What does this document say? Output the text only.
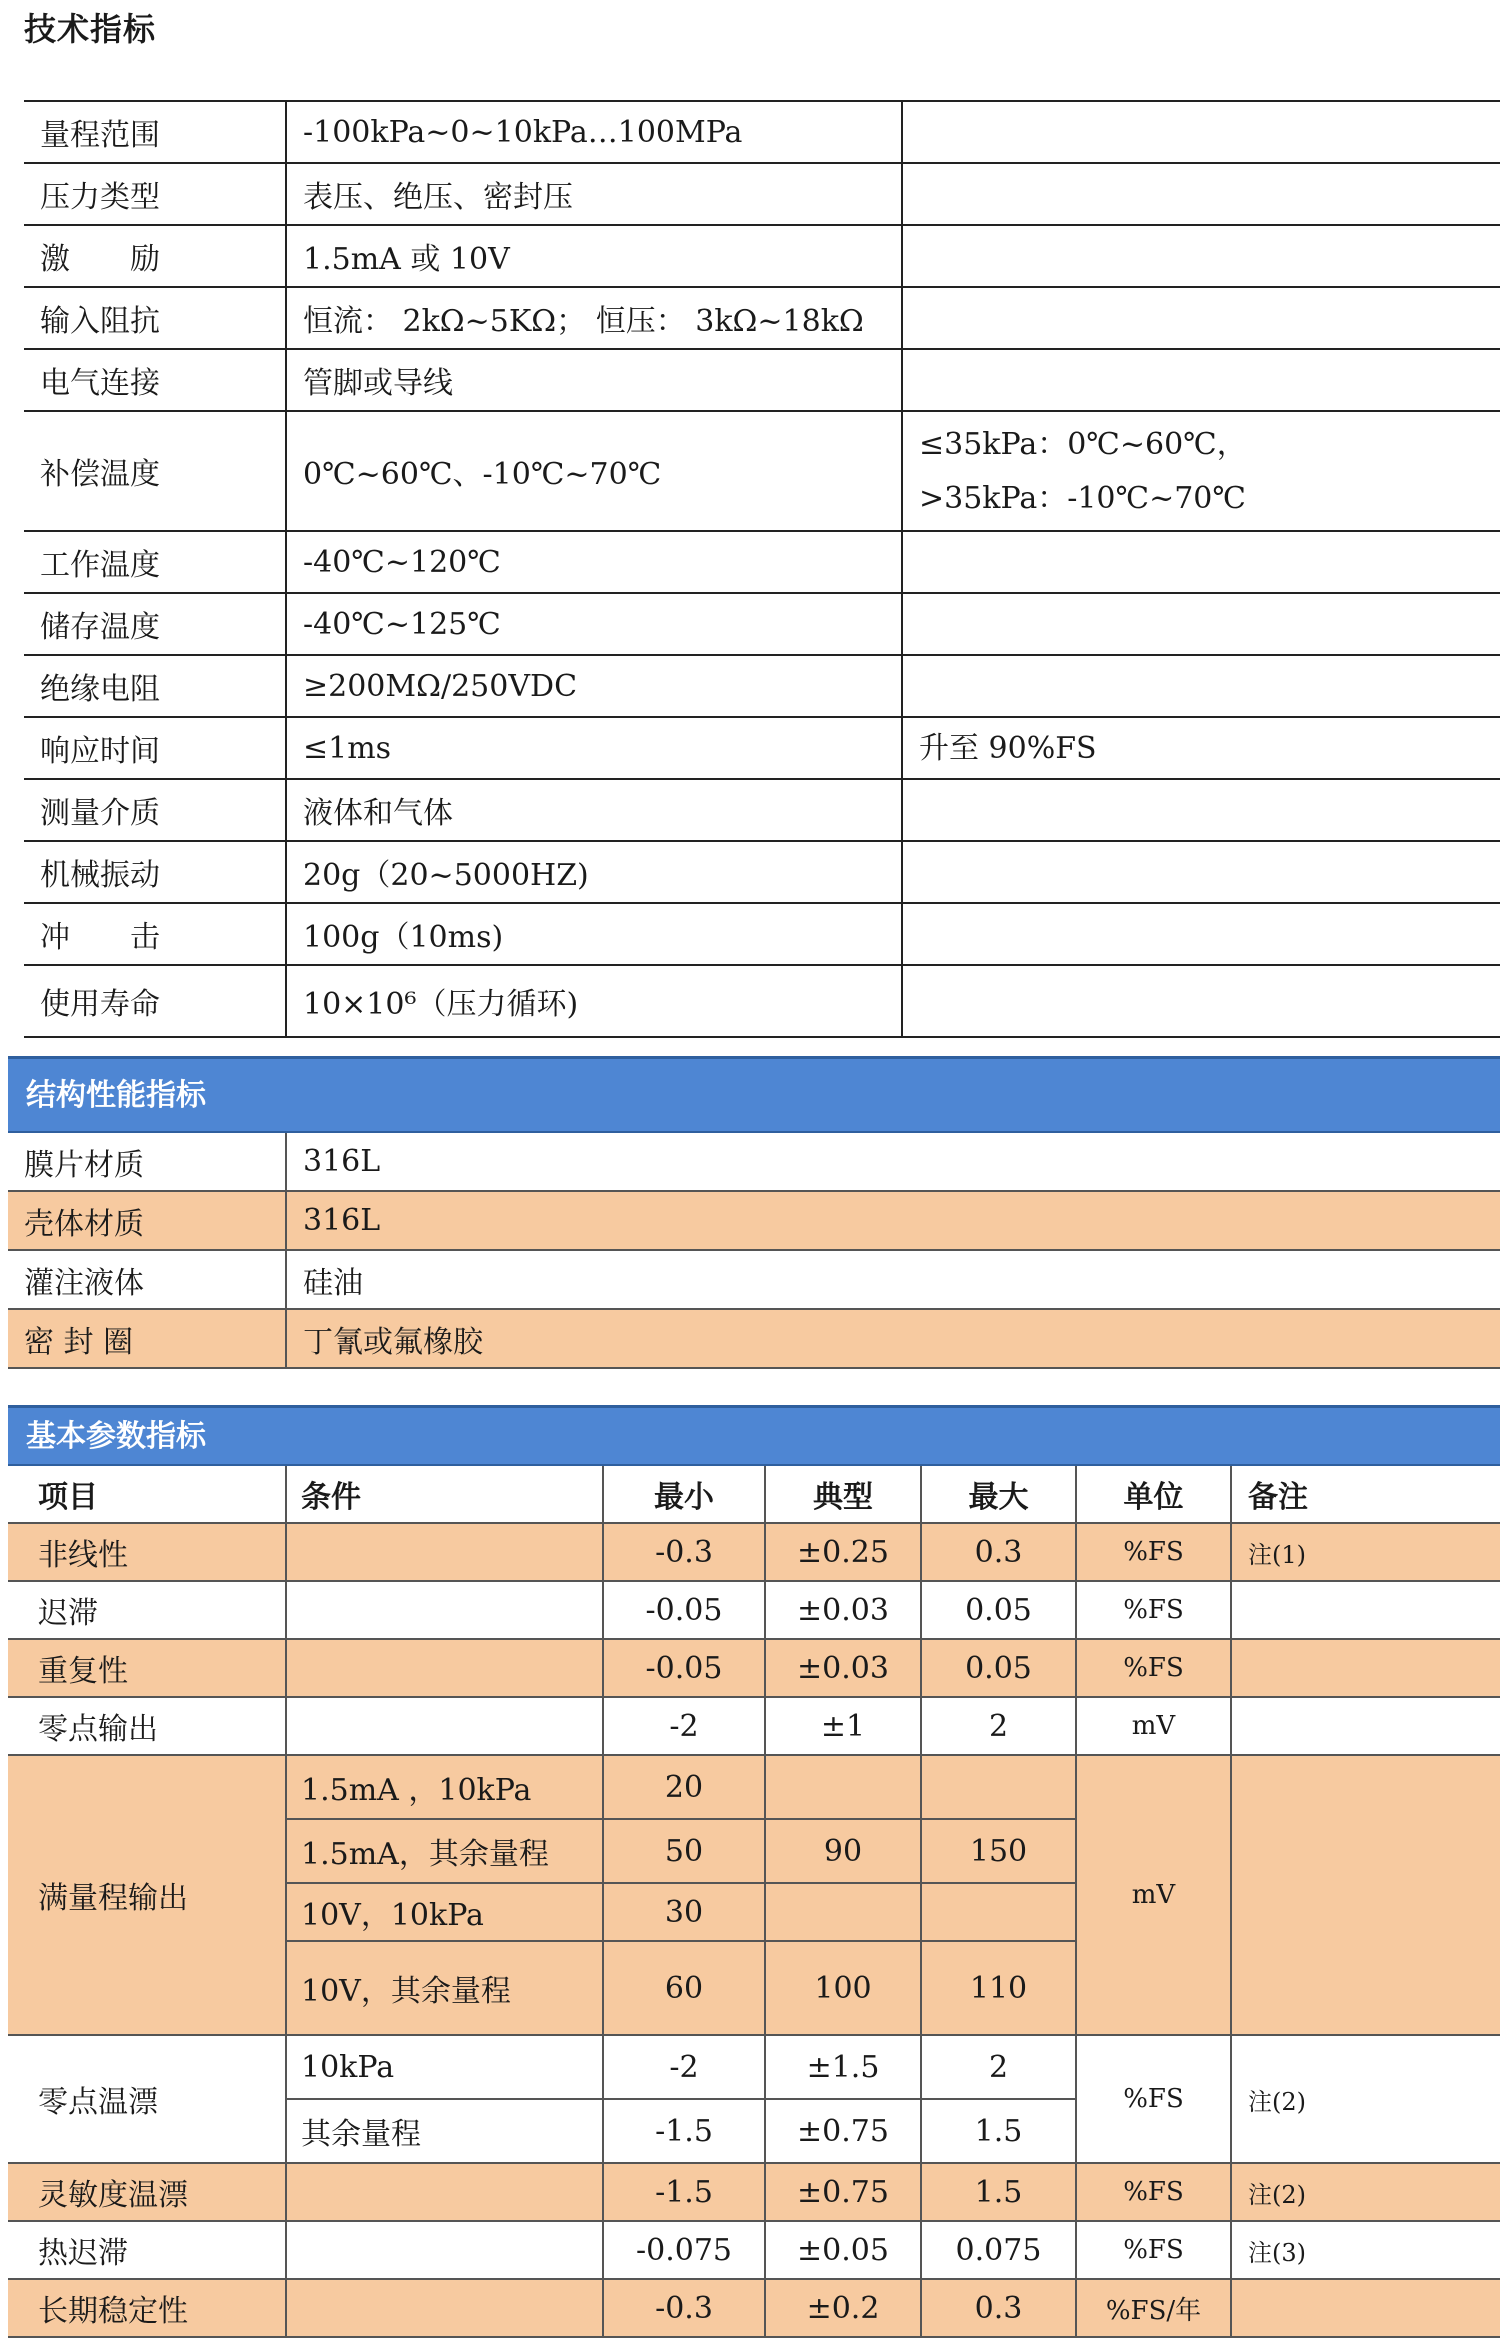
技术指标
量程范围	-100kPa~0~10kPa…100MPa	
压力类型	表压、绝压、密封压	
激　　励	1.5mA 或 10V	
输入阻抗	恒流： 2kΩ~5KΩ； 恒压： 3kΩ~18kΩ	
电气连接	管脚或导线	
补偿温度	0℃~60℃、-10℃~70℃	≤35kPa：0℃~60℃，>35kPa：-10℃~70℃
工作温度	-40℃~120℃	
储存温度	-40℃~125℃	
绝缘电阻	≥200MΩ/250VDC	
响应时间	≤1ms	升至 90%FS
测量介质	液体和气体	
机械振动	20g（20~5000HZ)	
冲　　击	100g（10ms)	
使用寿命	10×10⁶（压力循环)	
结构性能指标
膜片材质	316L
壳体材质	316L
灌注液体	硅油
密 封 圈	丁氰或氟橡胶
基本参数指标
项目	条件	最小	典型	最大	单位	备注
非线性		-0.3	±0.25	0.3	%FS	注(1)
迟滞		-0.05	±0.03	0.05	%FS	
重复性		-0.05	±0.03	0.05	%FS	
零点输出		-2	±1	2	mV	
满量程输出	1.5mA ，10kPa	20			mV	
	1.5mA，其余量程	50	90	150		
	10V，10kPa	30				
	10V，其余量程	60	100	110		
零点温漂	10kPa	-2	±1.5	2	%FS	注(2)
	其余量程	-1.5	±0.75	1.5		
灵敏度温漂		-1.5	±0.75	1.5	%FS	注(2)
热迟滞		-0.075	±0.05	0.075	%FS	注(3)
长期稳定性		-0.3	±0.2	0.3	%FS/年	
